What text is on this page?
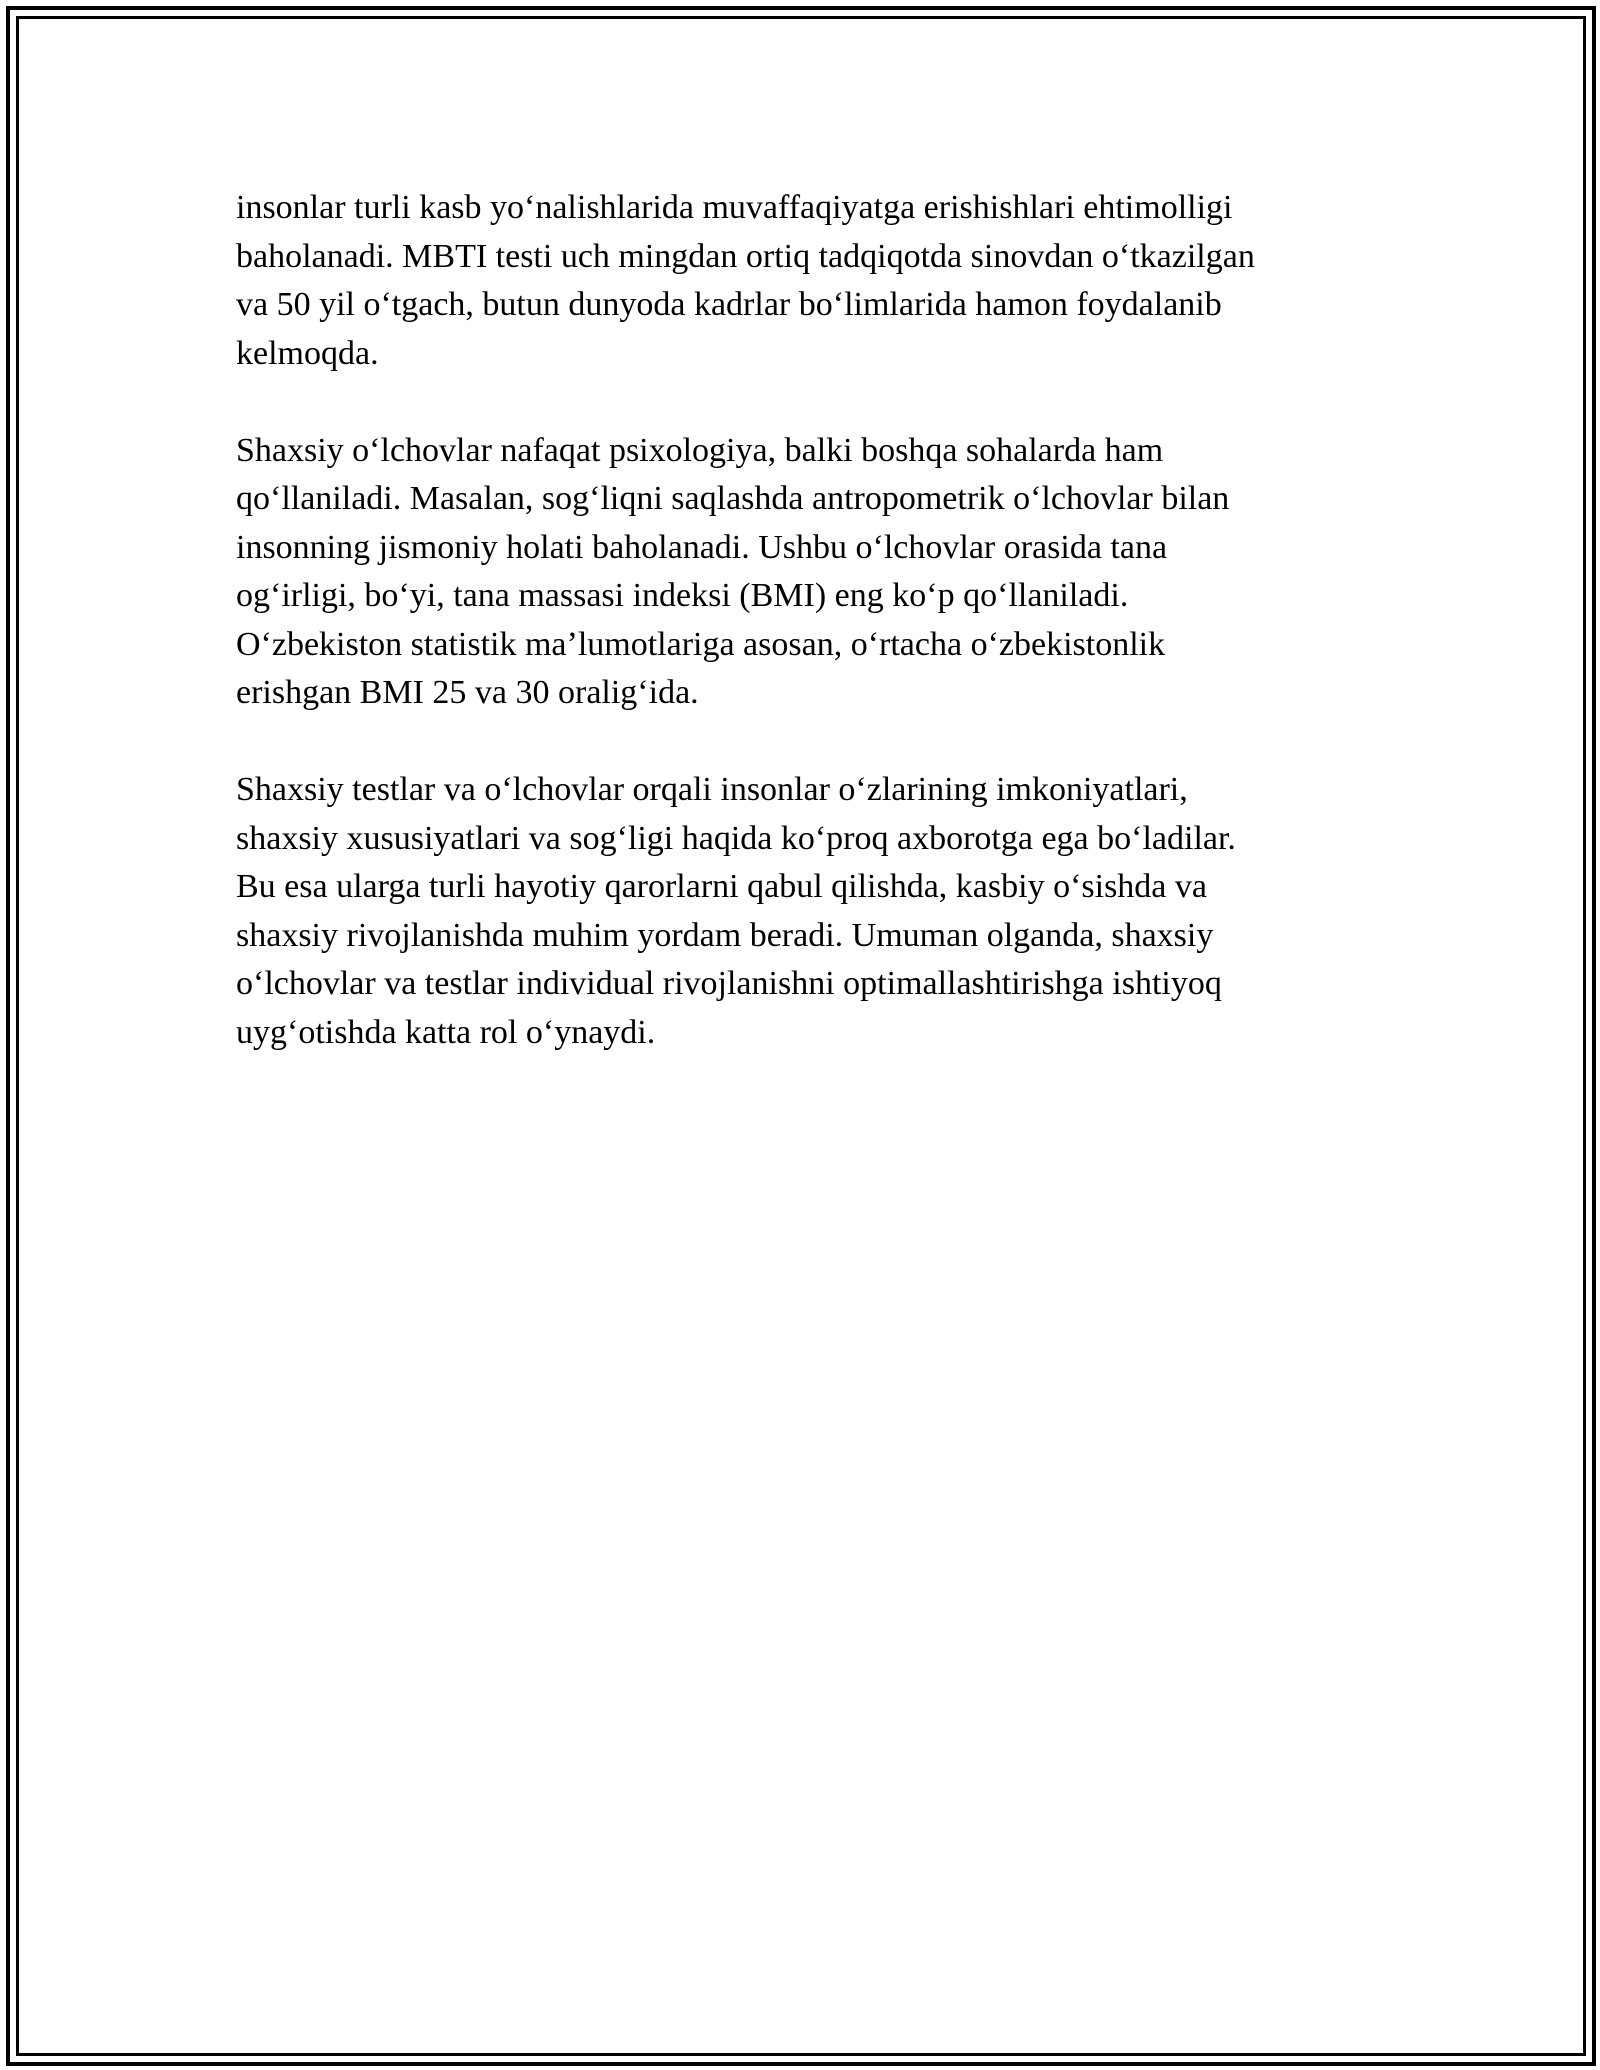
insonlar turli kasb yoʻnalishlarida muvaffaqiyatga erishishlari ehtimolligi
baholanadi. MBTI testi uch mingdan ortiq tadqiqotda sinovdan oʻtkazilgan
va 50 yil oʻtgach, butun dunyoda kadrlar boʻlimlarida hamon foydalanib
kelmoqda.

Shaxsiy oʻlchovlar nafaqat psixologiya, balki boshqa sohalarda ham
qoʻllaniladi. Masalan, sogʻliqni saqlashda antropometrik oʻlchovlar bilan
insonning jismoniy holati baholanadi. Ushbu oʻlchovlar orasida tana
ogʻirligi, boʻyi, tana massasi indeksi (BMI) eng koʻp qoʻllaniladi.
Oʻzbekiston statistik maʼlumotlariga asosan, oʻrtacha oʻzbekistonlik
erishgan BMI 25 va 30 oraligʻida.

Shaxsiy testlar va oʻlchovlar orqali insonlar oʻzlarining imkoniyatlari,
shaxsiy xususiyatlari va sogʻligi haqida koʻproq axborotga ega boʻladilar.
Bu esa ularga turli hayotiy qarorlarni qabul qilishda, kasbiy oʻsishda va
shaxsiy rivojlanishda muhim yordam beradi. Umuman olganda, shaxsiy
oʻlchovlar va testlar individual rivojlanishni optimallashtirishga ishtiyoq
uygʻotishda katta rol oʻynaydi.
